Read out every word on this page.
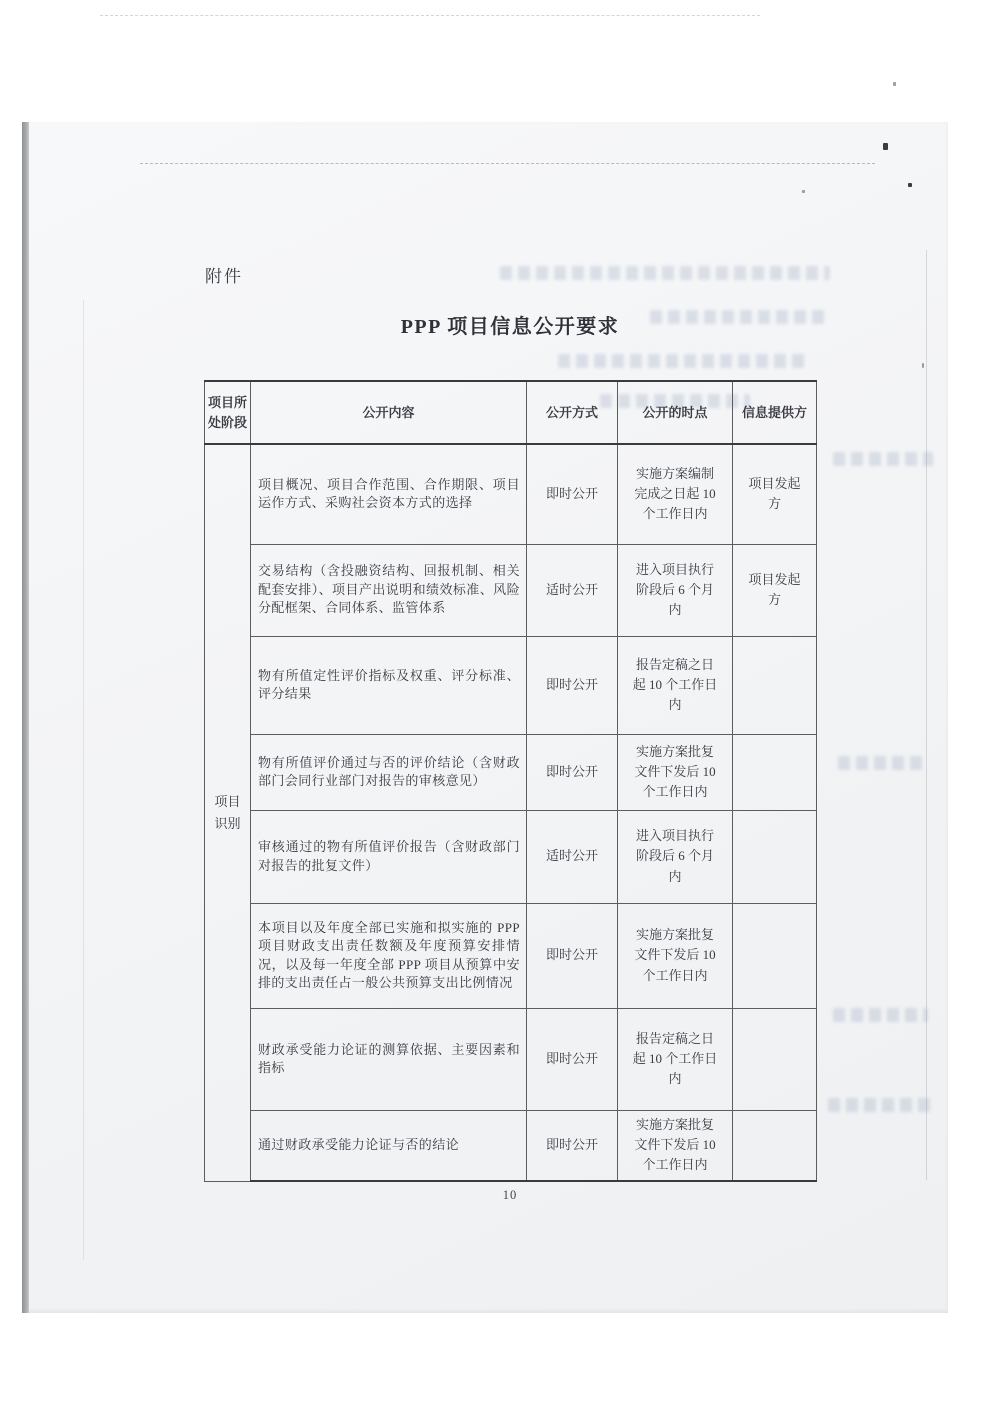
附件
PPP 项目信息公开要求
项目所处阶段	公开内容	公开方式	公开的时点	信息提供方
项目识别	项目概况、项目合作范围、合作期限、项目运作方式、采购社会资本方式的选择	即时公开	实施方案编制完成之日起 10 个工作日内	项目发起方
	交易结构（含投融资结构、回报机制、相关配套安排）、项目产出说明和绩效标准、风险分配框架、合同体系、监管体系	适时公开	进入项目执行阶段后 6 个月内	项目发起方
	物有所值定性评价指标及权重、评分标准、评分结果	即时公开	报告定稿之日起 10 个工作日内	
	物有所值评价通过与否的评价结论（含财政部门会同行业部门对报告的审核意见）	即时公开	实施方案批复文件下发后 10 个工作日内	
	审核通过的物有所值评价报告（含财政部门对报告的批复文件）	适时公开	进入项目执行阶段后 6 个月内	
	本项目以及年度全部已实施和拟实施的 PPP 项目财政支出责任数额及年度预算安排情况，以及每一年度全部 PPP 项目从预算中安排的支出责任占一般公共预算支出比例情况	即时公开	实施方案批复文件下发后 10 个工作日内	
	财政承受能力论证的测算依据、主要因素和指标	即时公开	报告定稿之日起 10 个工作日内	
	通过财政承受能力论证与否的结论	即时公开	实施方案批复文件下发后 10 个工作日内	
10
